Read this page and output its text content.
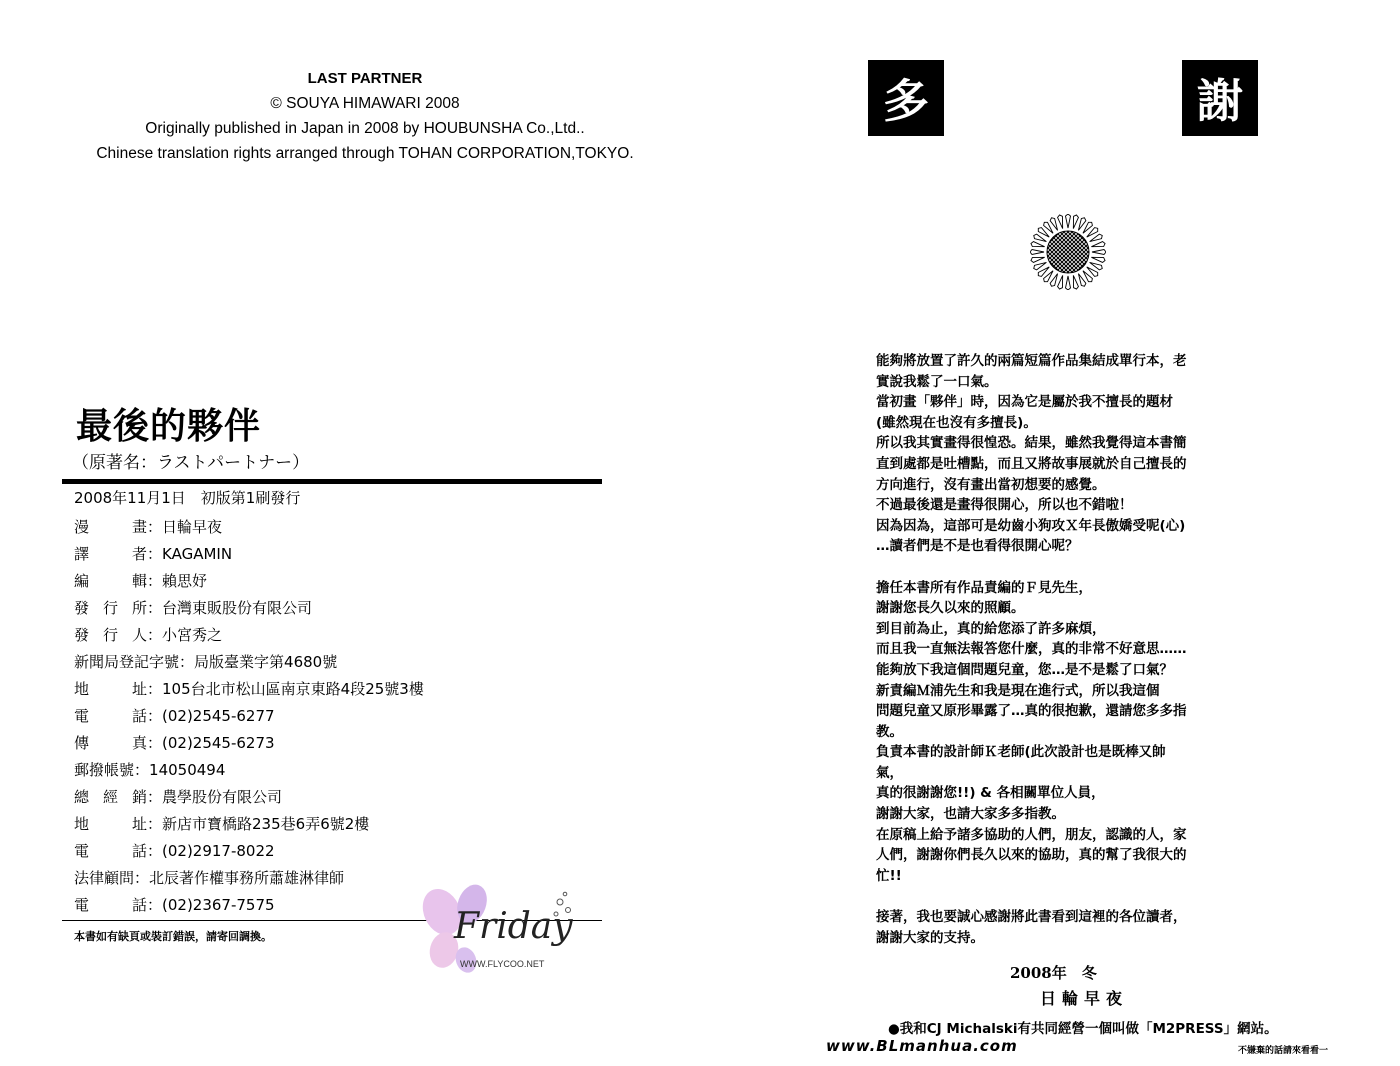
LAST PARTNER
© SOUYA HIMAWARI 2008
Originally published in Japan in 2008 by HOUBUNSHA Co.,Ltd..
Chinese translation rights arranged through TOHAN CORPORATION,TOKYO.
最後的夥伴
（原著名：ラストパートナー）
2008年11月1日　初版第1刷發行
漫	畫 ： 日輪早夜
譯	者 ： KAGAMIN
編	輯 ： 賴思妤
發 行 所 ： 台灣東販股份有限公司
發 行 人 ： 小宮秀之
新聞局登記字號 ： 局版臺業字第4680號
地	址 ： 105台北市松山區南京東路4段25號3樓
電	話 ： (02)2545-6277
傳	真 ： (02)2545-6273
郵撥帳號 ： 14050494
總 經 銷 ： 農學股份有限公司
地	址 ： 新店市寶橋路235巷6弄6號2樓
電	話 ： (02)2917-8022
法律顧問 ： 北辰著作權事務所蕭雄淋律師
電	話 ： (02)2367-7575
本書如有缺頁或裝訂錯誤，請寄回調換。	Friday
WWW.FLYCOO.NET
多	謝
能夠將放置了許久的兩篇短篇作品集結成單行本，老
實說我鬆了一口氣。
當初畫「夥伴」時，因為它是屬於我不擅長的題材
(雖然現在也沒有多擅長)。
所以我其實畫得很惶恐。結果，雖然我覺得這本書簡
直到處都是吐槽點，而且又將故事展就於自己擅長的
方向進行，沒有畫出當初想要的感覺。
不過最後還是畫得很開心，所以也不錯啦！
因為因為，這部可是幼齒小狗攻Ｘ年長傲嬌受呢(心)
…讀者們是不是也看得很開心呢？
擔任本書所有作品責編的Ｆ見先生，
謝謝您長久以來的照顧。
到目前為止，真的給您添了許多麻煩，
而且我一直無法報答您什麼，真的非常不好意思……
能夠放下我這個問題兒童，您…是不是鬆了口氣？
新責編Ｍ浦先生和我是現在進行式，所以我這個
問題兒童又原形畢露了…真的很抱歉，還請您多多指
教。
負責本書的設計師Ｋ老師(此次設計也是既棒又帥
氣，
真的很謝謝您!!) & 各相關單位人員，
謝謝大家，也請大家多多指教。
在原稿上給予諸多協助的人們，朋友，認識的人，家
人們，謝謝你們長久以來的協助，真的幫了我很大的
忙!!
接著，我也要誠心感謝將此書看到這裡的各位讀者，
謝謝大家的支持。
2008年　冬
日輪早夜
●我和CJ Michalski有共同經營一個叫做「M2PRESS」網站。
www.BLmanhua.com	不嫌棄的話請來看看一
